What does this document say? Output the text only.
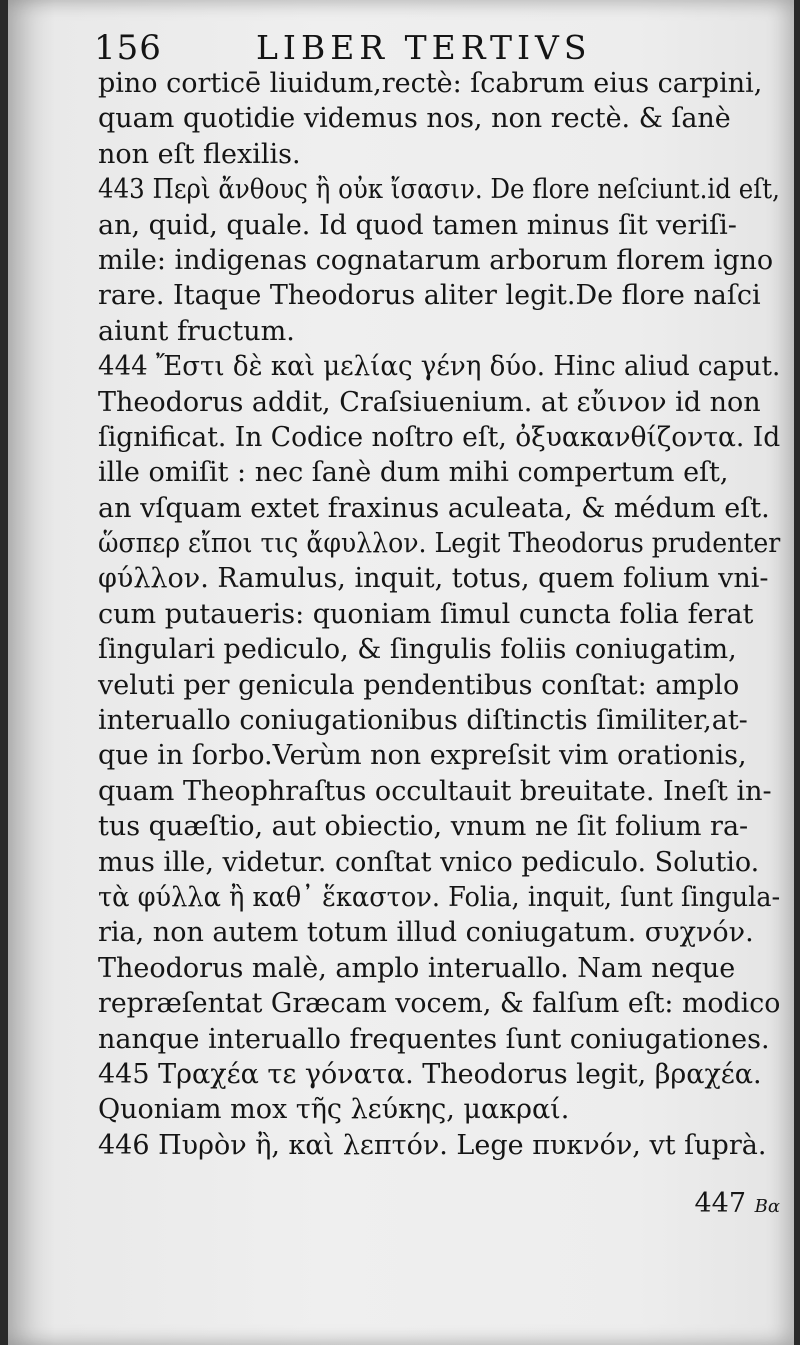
156	LIBER TERTIVS
pino corticē liuidum,rectè: ſcabrum eius carpini,
quam quotidie videmus nos, non rectè. & ſanè
non eſt flexilis.
443 Περὶ ἄνθους ἢ οὐκ ἴσασιν. De flore neſciunt.id eſt,
an, quid, quale. Id quod tamen minus ſit veriſi-
mile: indigenas cognatarum arborum florem igno
rare. Itaque Theodorus aliter legit.De flore naſci
aiunt fructum.
444 Ἔστι δὲ καὶ μελίας γένη δύο. Hinc aliud caput.
Theodorus addit, Craſsiuenium. at εὔινον id non
ſignificat. In Codice noſtro eſt, ὀξυακανθίζοντα. Id
ille omiſit : nec ſanè dum mihi compertum eſt,
an vſquam extet fraxinus aculeata, & médum eſt.
ὥσπερ εἴποι τις ἄφυλλον. Legit Theodorus prudenter
φύλλον. Ramulus, inquit, totus, quem folium vni-
cum putaueris: quoniam ſimul cuncta folia ferat
ſingulari pediculo, & ſingulis foliis coniugatim,
veluti per genicula pendentibus conſtat: amplo
interuallo coniugationibus diſtinctis ſimiliter,at-
que in ſorbo.Verùm non expreſsit vim orationis,
quam Theophraſtus occultauit breuitate. Ineſt in-
tus quæſtio, aut obiectio, vnum ne ſit folium ra-
mus ille, videtur. conſtat vnico pediculo. Solutio.
τὰ φύλλα ἢ καθ᾽ ἕκαστον. Folia, inquit, ſunt ſingula-
ria, non autem totum illud coniugatum. συχνόν.
Theodorus malè, amplo interuallo. Nam neque
repræſentat Græcam vocem, & falſum eſt: modico
nanque interuallo frequentes ſunt coniugationes.
445 Τραχέα τε γόνατα. Theodorus legit, βραχέα.
Quoniam mox τῆς λεύκης, μακραί.
446 Πυρὸν ἢ, καὶ λεπτόν. Lege πυκνόν, vt ſuprà.
447 Βα
